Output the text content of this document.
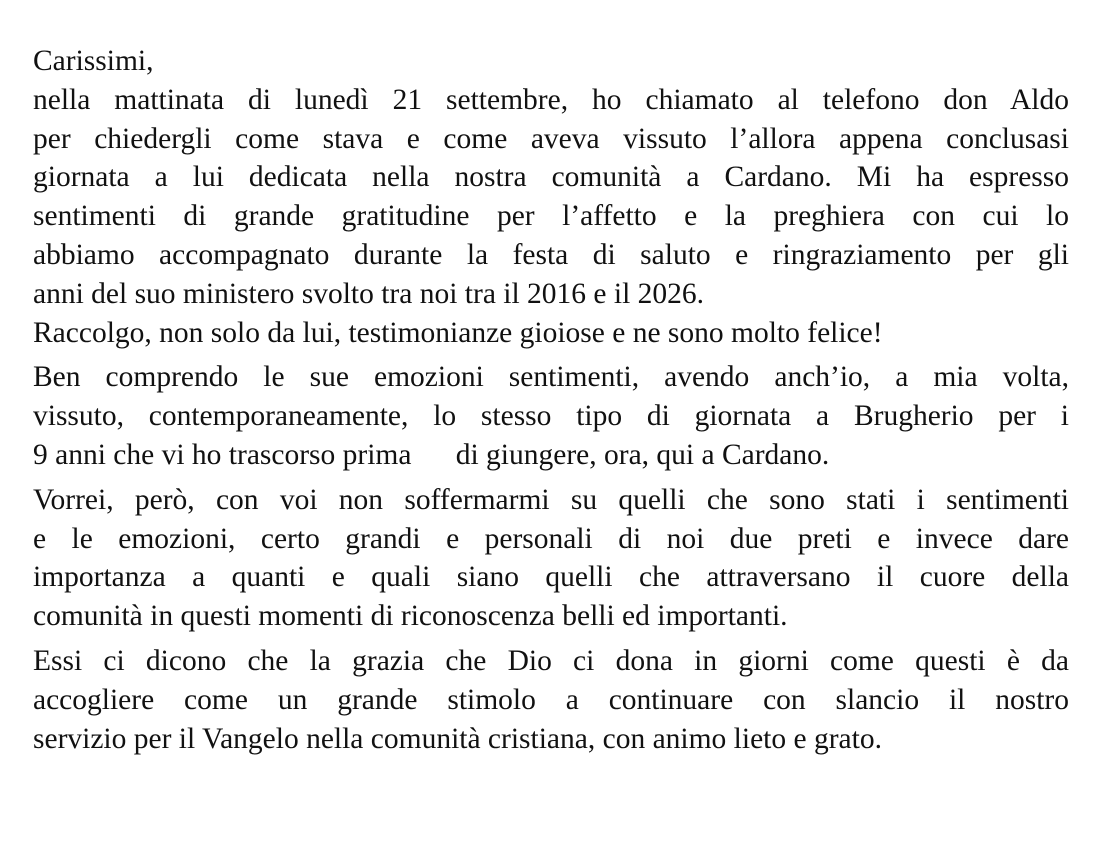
Carissimi,
nella mattinata di lunedì 21 settembre, ho chiamato al telefono don Aldo
per chiedergli come stava e come aveva vissuto l’allora appena conclusasi
giornata a lui dedicata nella nostra comunità a Cardano. Mi ha espresso
sentimenti di grande gratitudine per l’affetto e la preghiera con cui lo
abbiamo accompagnato durante la festa di saluto e ringraziamento per gli
anni del suo ministero svolto tra noi tra il 2016 e il 2026.
Raccolgo, non solo da lui, testimonianze gioiose e ne sono molto felice!
Ben comprendo le sue emozioni sentimenti, avendo anch’io, a mia volta,
vissuto, contemporaneamente, lo stesso tipo di giornata a Brugherio per i
9 anni che vi ho trascorso prima      di giungere, ora, qui a Cardano.
Vorrei, però, con voi non soffermarmi su quelli che sono stati i sentimenti
e le emozioni, certo grandi e personali di noi due preti e invece dare
importanza a quanti e quali siano quelli che attraversano il cuore della
comunità in questi momenti di riconoscenza belli ed importanti.
Essi ci dicono che la grazia che Dio ci dona in giorni come questi è da
accogliere come un grande stimolo a continuare con slancio il nostro
servizio per il Vangelo nella comunità cristiana, con animo lieto e grato.
